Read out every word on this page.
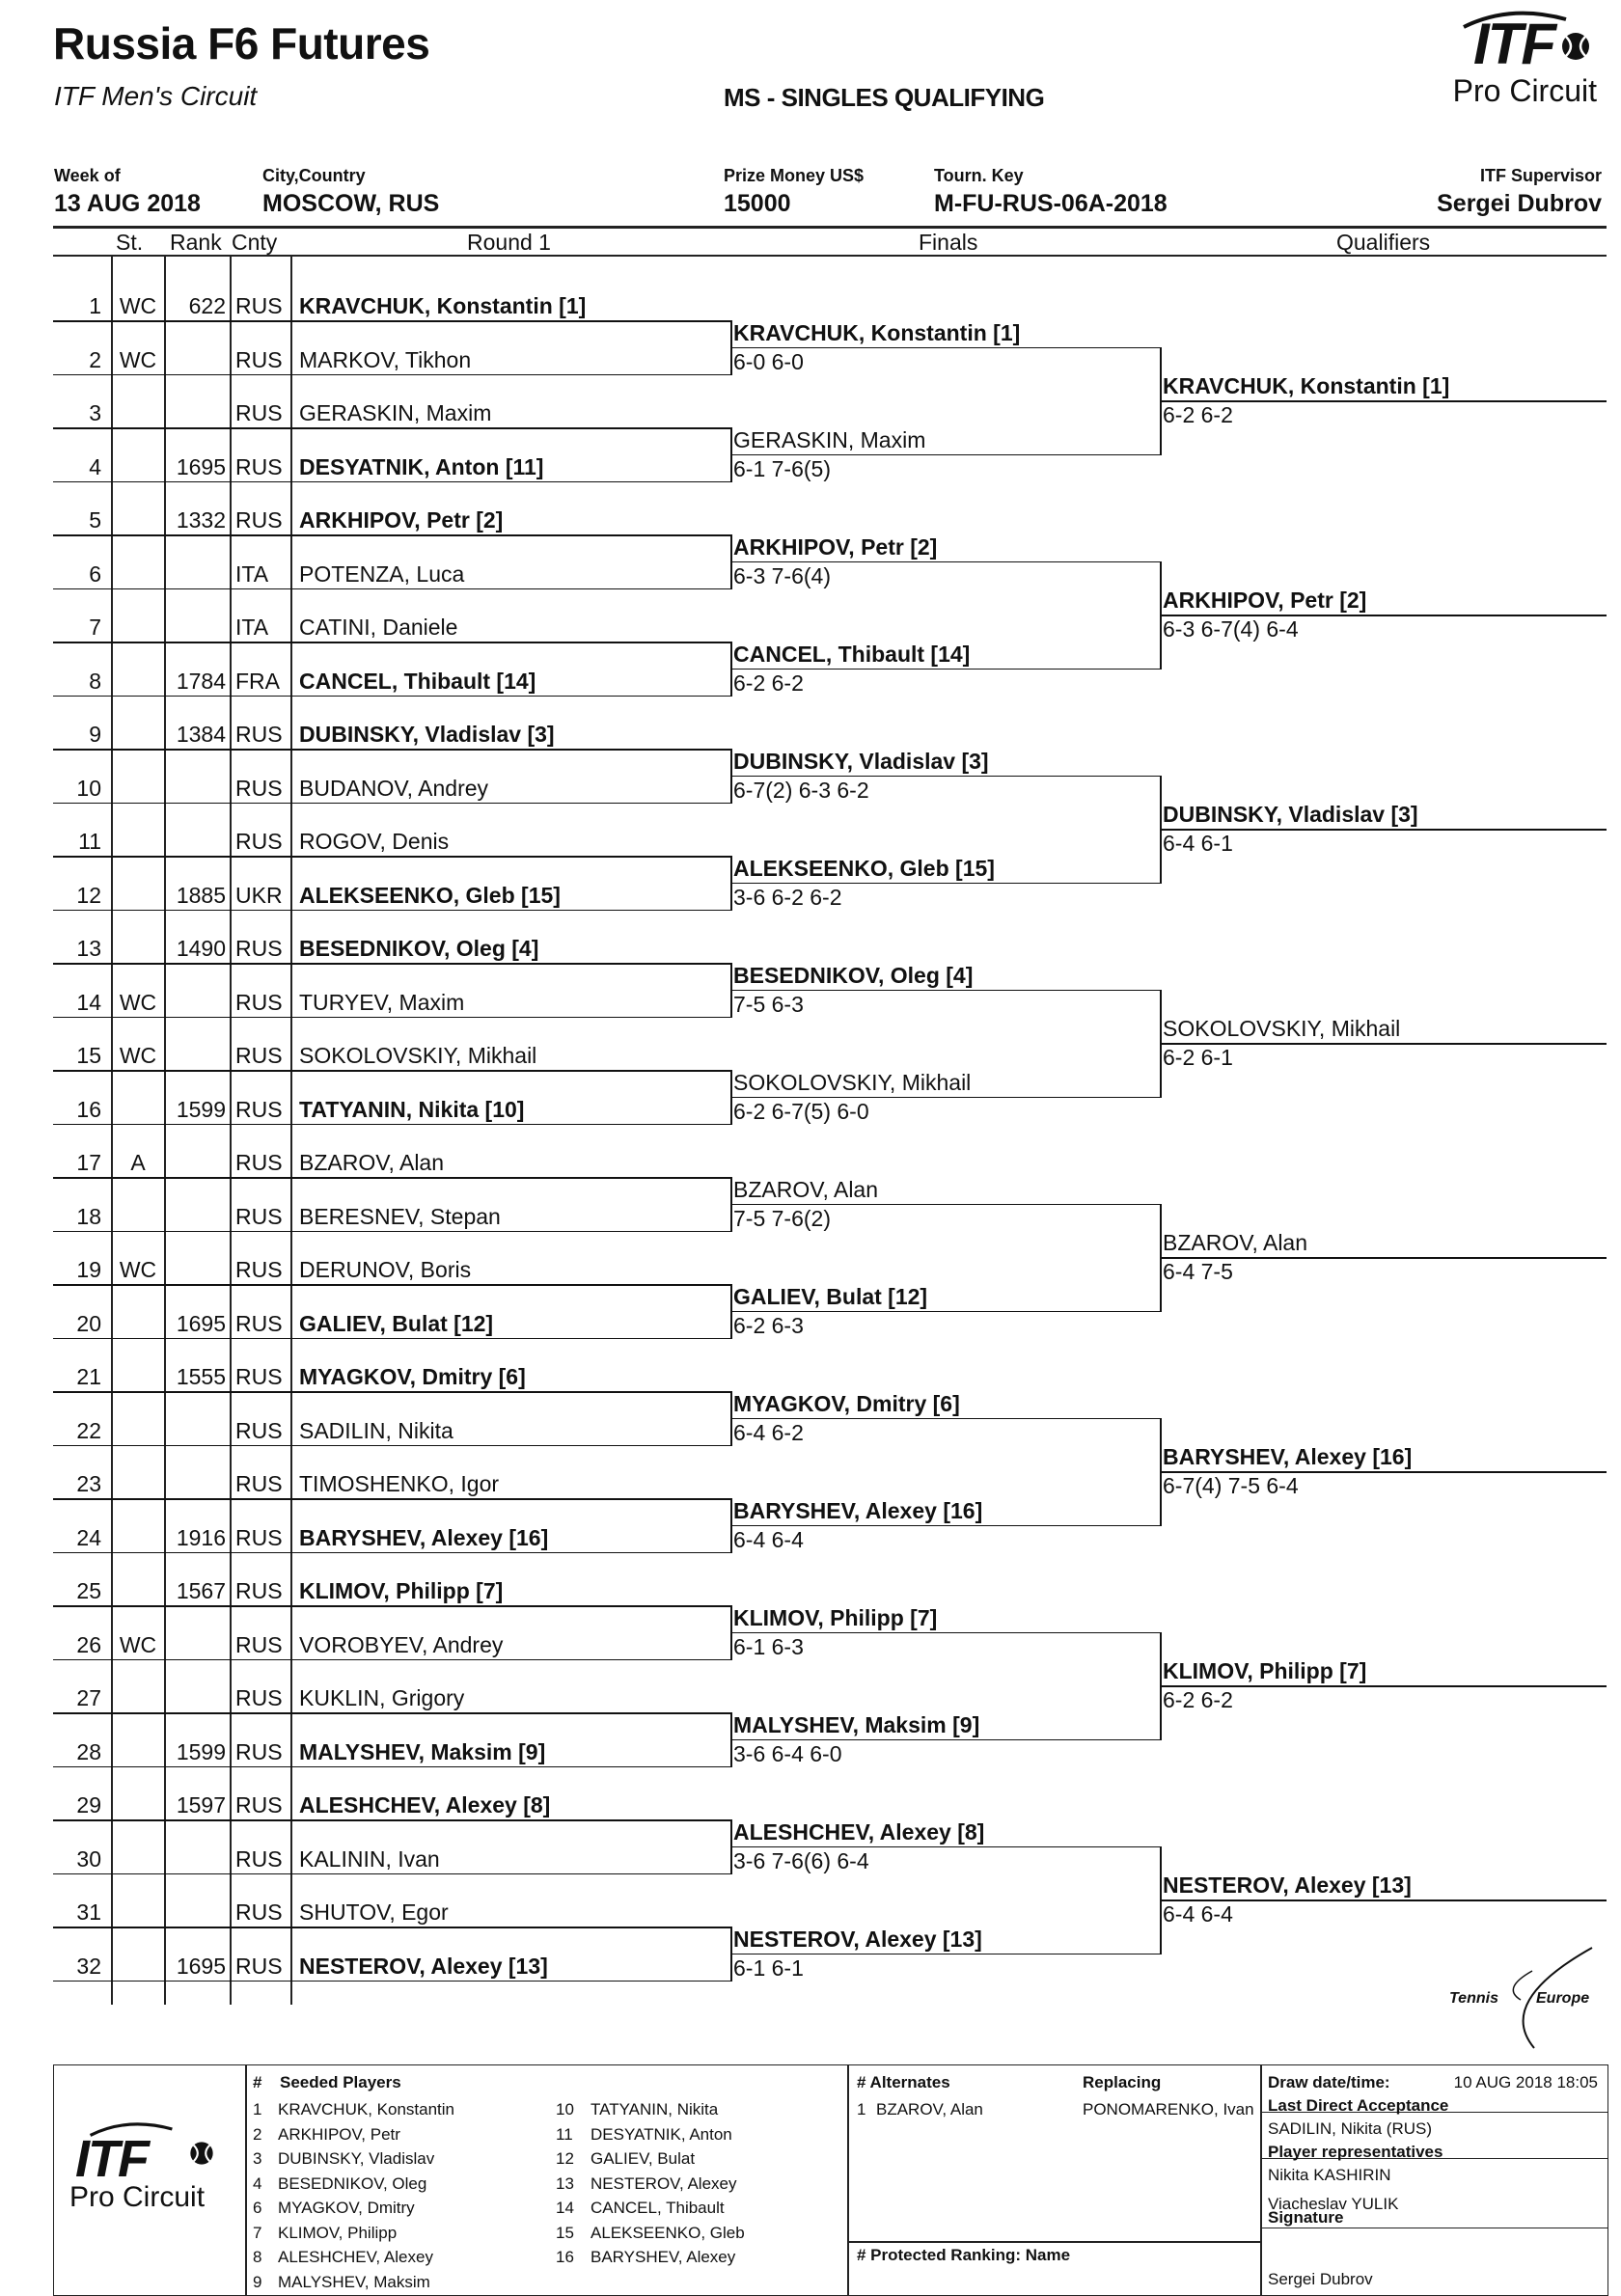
Russia F6 Futures
ITF Men's Circuit	MS - SINGLES QUALIFYING
ITF
Pro Circuit
Week of
13 AUG 2018
City,Country
MOSCOW, RUS
Prize Money US$
15000
Tourn. Key
M-FU-RUS-06A-2018
ITF Supervisor
Sergei Dubrov
St. Rank Cnty	Round 1	Finals	Qualifiers
1 WC	622 RUS KRAVCHUK, Konstantin [1]
2 WC	RUS MARKOV, Tikhon
3	RUS GERASKIN, Maxim
4	1695 RUS DESYATNIK, Anton [11]
5	1332 RUS ARKHIPOV, Petr [2]
6	ITA POTENZA, Luca
7	ITA CATINI, Daniele
8	1784 FRA CANCEL, Thibault [14]
9	1384 RUS DUBINSKY, Vladislav [3]
10	RUS BUDANOV, Andrey
11	RUS ROGOV, Denis
12	1885 UKR ALEKSEENKO, Gleb [15]
13	1490 RUS BESEDNIKOV, Oleg [4]
14 WC	RUS TURYEV, Maxim
15 WC	RUS SOKOLOVSKIY, Mikhail
16	1599 RUS TATYANIN, Nikita [10]
17	A	RUS BZAROV, Alan
18	RUS BERESNEV, Stepan
19 WC	RUS DERUNOV, Boris
20	1695 RUS GALIEV, Bulat [12]
21	1555 RUS MYAGKOV, Dmitry [6]
22	RUS SADILIN, Nikita
23	RUS TIMOSHENKO, Igor
24	1916 RUS BARYSHEV, Alexey [16]
25	1567 RUS KLIMOV, Philipp [7]
26 WC	RUS VOROBYEV, Andrey
27	RUS KUKLIN, Grigory
28	1599 RUS MALYSHEV, Maksim [9]
29	1597 RUS ALESHCHEV, Alexey [8]
30	RUS KALININ, Ivan
31	RUS SHUTOV, Egor
32	1695 RUS NESTEROV, Alexey [13]
KRAVCHUK, Konstantin [1]
6-0 6-0
GERASKIN, Maxim
6-1 7-6(5)
ARKHIPOV, Petr [2]
6-3 7-6(4)
CANCEL, Thibault [14]
6-2 6-2
DUBINSKY, Vladislav [3]
6-7(2) 6-3 6-2
ALEKSEENKO, Gleb [15]
3-6 6-2 6-2
BESEDNIKOV, Oleg [4]
7-5 6-3
SOKOLOVSKIY, Mikhail
6-2 6-7(5) 6-0
BZAROV, Alan
7-5 7-6(2)
GALIEV, Bulat [12]
6-2 6-3
MYAGKOV, Dmitry [6]
6-4 6-2
BARYSHEV, Alexey [16]
6-4 6-4
KLIMOV, Philipp [7]
6-1 6-3
MALYSHEV, Maksim [9]
3-6 6-4 6-0
ALESHCHEV, Alexey [8]
3-6 7-6(6) 6-4
NESTEROV, Alexey [13]
6-1 6-1
KRAVCHUK, Konstantin [1]
6-2 6-2
ARKHIPOV, Petr [2]
6-3 6-7(4) 6-4
DUBINSKY, Vladislav [3]
6-4 6-1
SOKOLOVSKIY, Mikhail
6-2 6-1
BZAROV, Alan
6-4 7-5
BARYSHEV, Alexey [16]
6-7(4) 7-5 6-4
KLIMOV, Philipp [7]
6-2 6-2
NESTEROV, Alexey [13]
6-4 6-4
Tennis Europe
ITF
Pro Circuit
# Seeded Players	# Alternates	Replacing
1 BZAROV, Alan	PONOMARENKO, Ivan
# Protected Ranking: Name
Draw date/time:	10 AUG 2018 18:05
Last Direct Acceptance
SADILIN, Nikita (RUS)
Player representatives
Nikita KASHIRIN
Viacheslav YULIK
Signature
Sergei Dubrov
1 KRAVCHUK, Konstantin
2 ARKHIPOV, Petr
3 DUBINSKY, Vladislav
4 BESEDNIKOV, Oleg
6 MYAGKOV, Dmitry
7 KLIMOV, Philipp
8 ALESHCHEV, Alexey
9 MALYSHEV, Maksim
10 TATYANIN, Nikita
11 DESYATNIK, Anton
12 GALIEV, Bulat
13 NESTEROV, Alexey
14 CANCEL, Thibault
15 ALEKSEENKO, Gleb
16 BARYSHEV, Alexey
